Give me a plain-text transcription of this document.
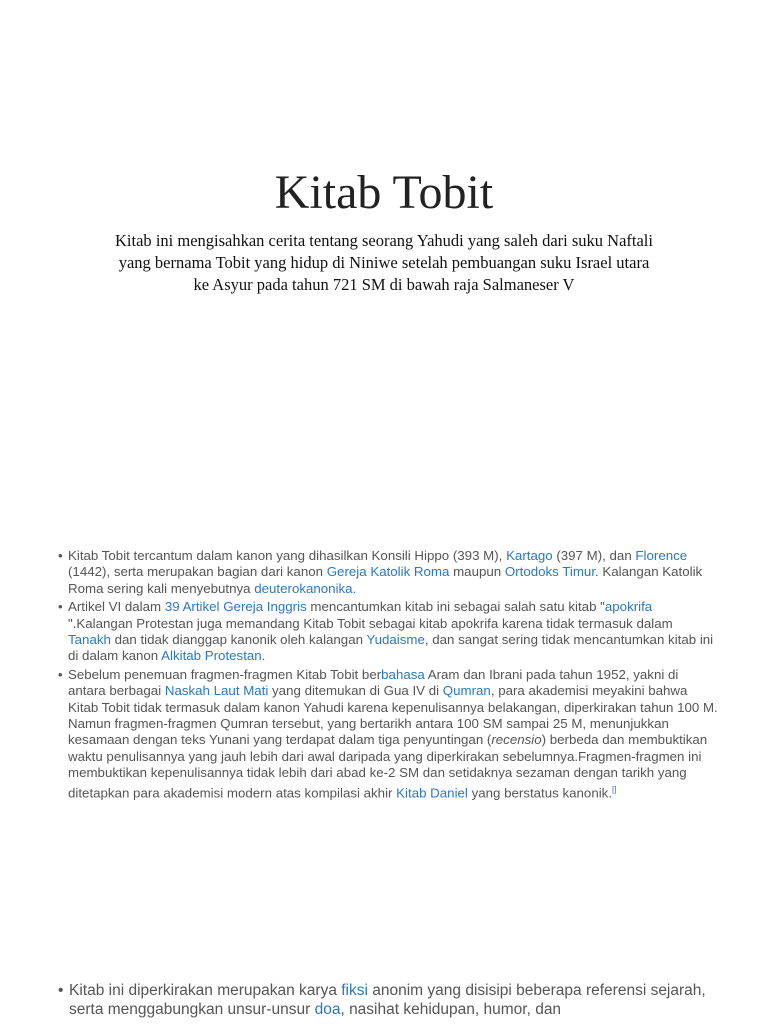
Kitab Tobit

Kitab ini mengisahkan cerita tentang seorang Yahudi yang saleh dari suku Naftali yang bernama Tobit yang hidup di Niniwe setelah pembuangan suku Israel utara ke Asyur pada tahun 721 SM di bawah raja Salmaneser V

• Kitab Tobit tercantum dalam kanon yang dihasilkan Konsili Hippo (393 M), Kartago (397 M), dan Florence (1442), serta merupakan bagian dari kanon Gereja Katolik Roma maupun Ortodoks Timur. Kalangan Katolik Roma sering kali menyebutnya deuterokanonika.
• Artikel VI dalam 39 Artikel Gereja Inggris mencantumkan kitab ini sebagai salah satu kitab "apokrifa ".Kalangan Protestan juga memandang Kitab Tobit sebagai kitab apokrifa karena tidak termasuk dalam Tanakh dan tidak dianggap kanonik oleh kalangan Yudaisme, dan sangat sering tidak mencantumkan kitab ini di dalam kanon Alkitab Protestan.
• Sebelum penemuan fragmen-fragmen Kitab Tobit berbahasa Aram dan Ibrani pada tahun 1952, yakni di antara berbagai Naskah Laut Mati yang ditemukan di Gua IV di Qumran, para akademisi meyakini bahwa Kitab Tobit tidak termasuk dalam kanon Yahudi karena kepenulisannya belakangan, diperkirakan tahun 100 M. Namun fragmen-fragmen Qumran tersebut, yang bertarikh antara 100 SM sampai 25 M, menunjukkan kesamaan dengan teks Yunani yang terdapat dalam tiga penyuntingan (recensio) berbeda dan membuktikan waktu penulisannya yang jauh lebih dari awal daripada yang diperkirakan sebelumnya.Fragmen-fragmen ini membuktikan kepenulisannya tidak lebih dari abad ke-2 SM dan setidaknya sezaman dengan tarikh yang ditetapkan para akademisi modern atas kompilasi akhir Kitab Daniel yang berstatus kanonik.[]
• Kitab ini diperkirakan merupakan karya fiksi anonim yang disisipi beberapa referensi sejarah, serta menggabungkan unsur-unsur doa, nasihat kehidupan, humor, dan
